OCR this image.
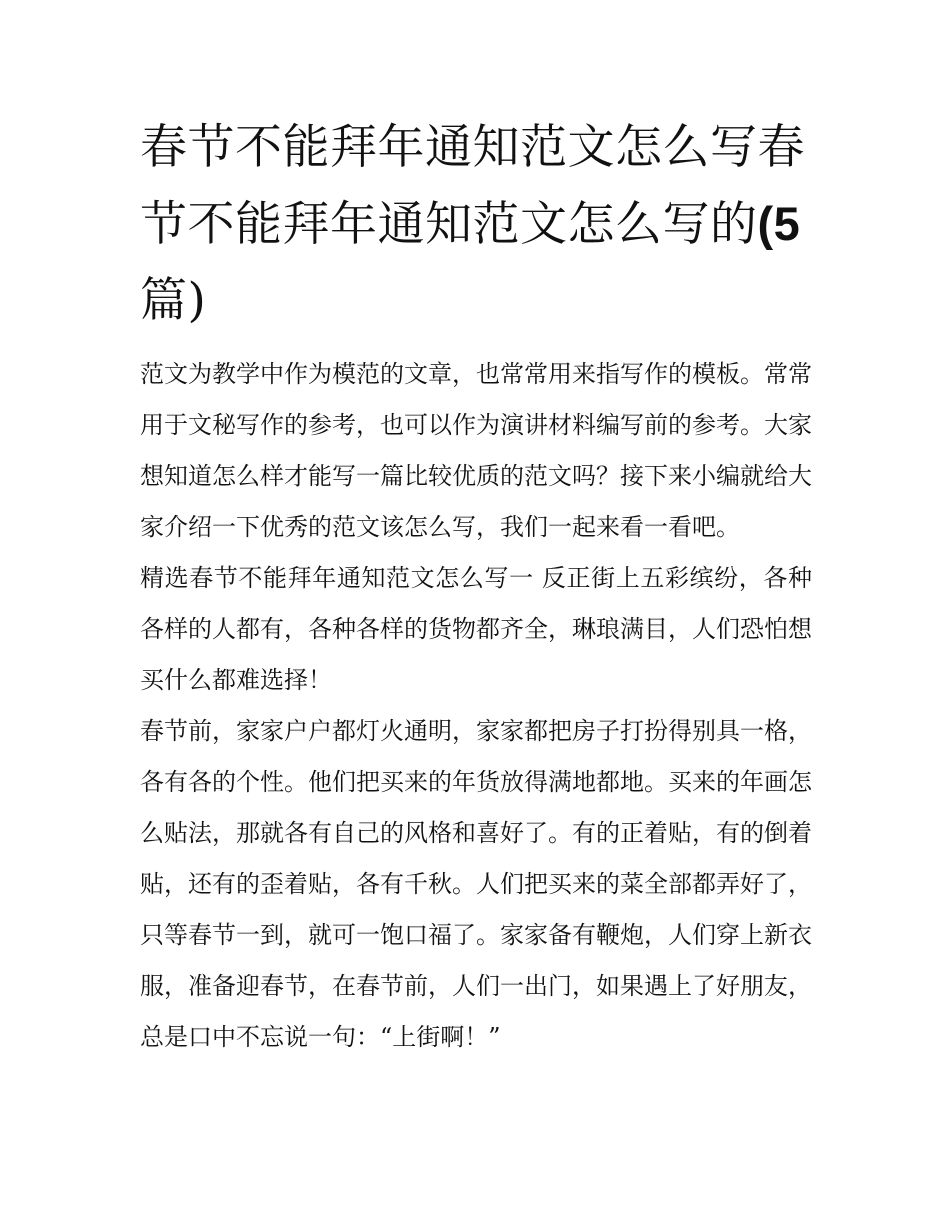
春节不能拜年通知范文怎么写春节不能拜年通知范文怎么写的(5篇)

范文为教学中作为模范的文章，也常常用来指写作的模板。常常用于文秘写作的参考，也可以作为演讲材料编写前的参考。大家想知道怎么样才能写一篇比较优质的范文吗？接下来小编就给大家介绍一下优秀的范文该怎么写，我们一起来看一看吧。

精选春节不能拜年通知范文怎么写一 反正街上五彩缤纷，各种各样的人都有，各种各样的货物都齐全，琳琅满目，人们恐怕想买什么都难选择！

春节前，家家户户都灯火通明，家家都把房子打扮得别具一格，各有各的个性。他们把买来的年货放得满地都地。买来的年画怎么贴法，那就各有自己的风格和喜好了。有的正着贴，有的倒着贴，还有的歪着贴，各有千秋。人们把买来的菜全部都弄好了，只等春节一到，就可一饱口福了。家家备有鞭炮，人们穿上新衣服，准备迎春节，在春节前，人们一出门，如果遇上了好朋友，总是口中不忘说一句：“上街啊！”
